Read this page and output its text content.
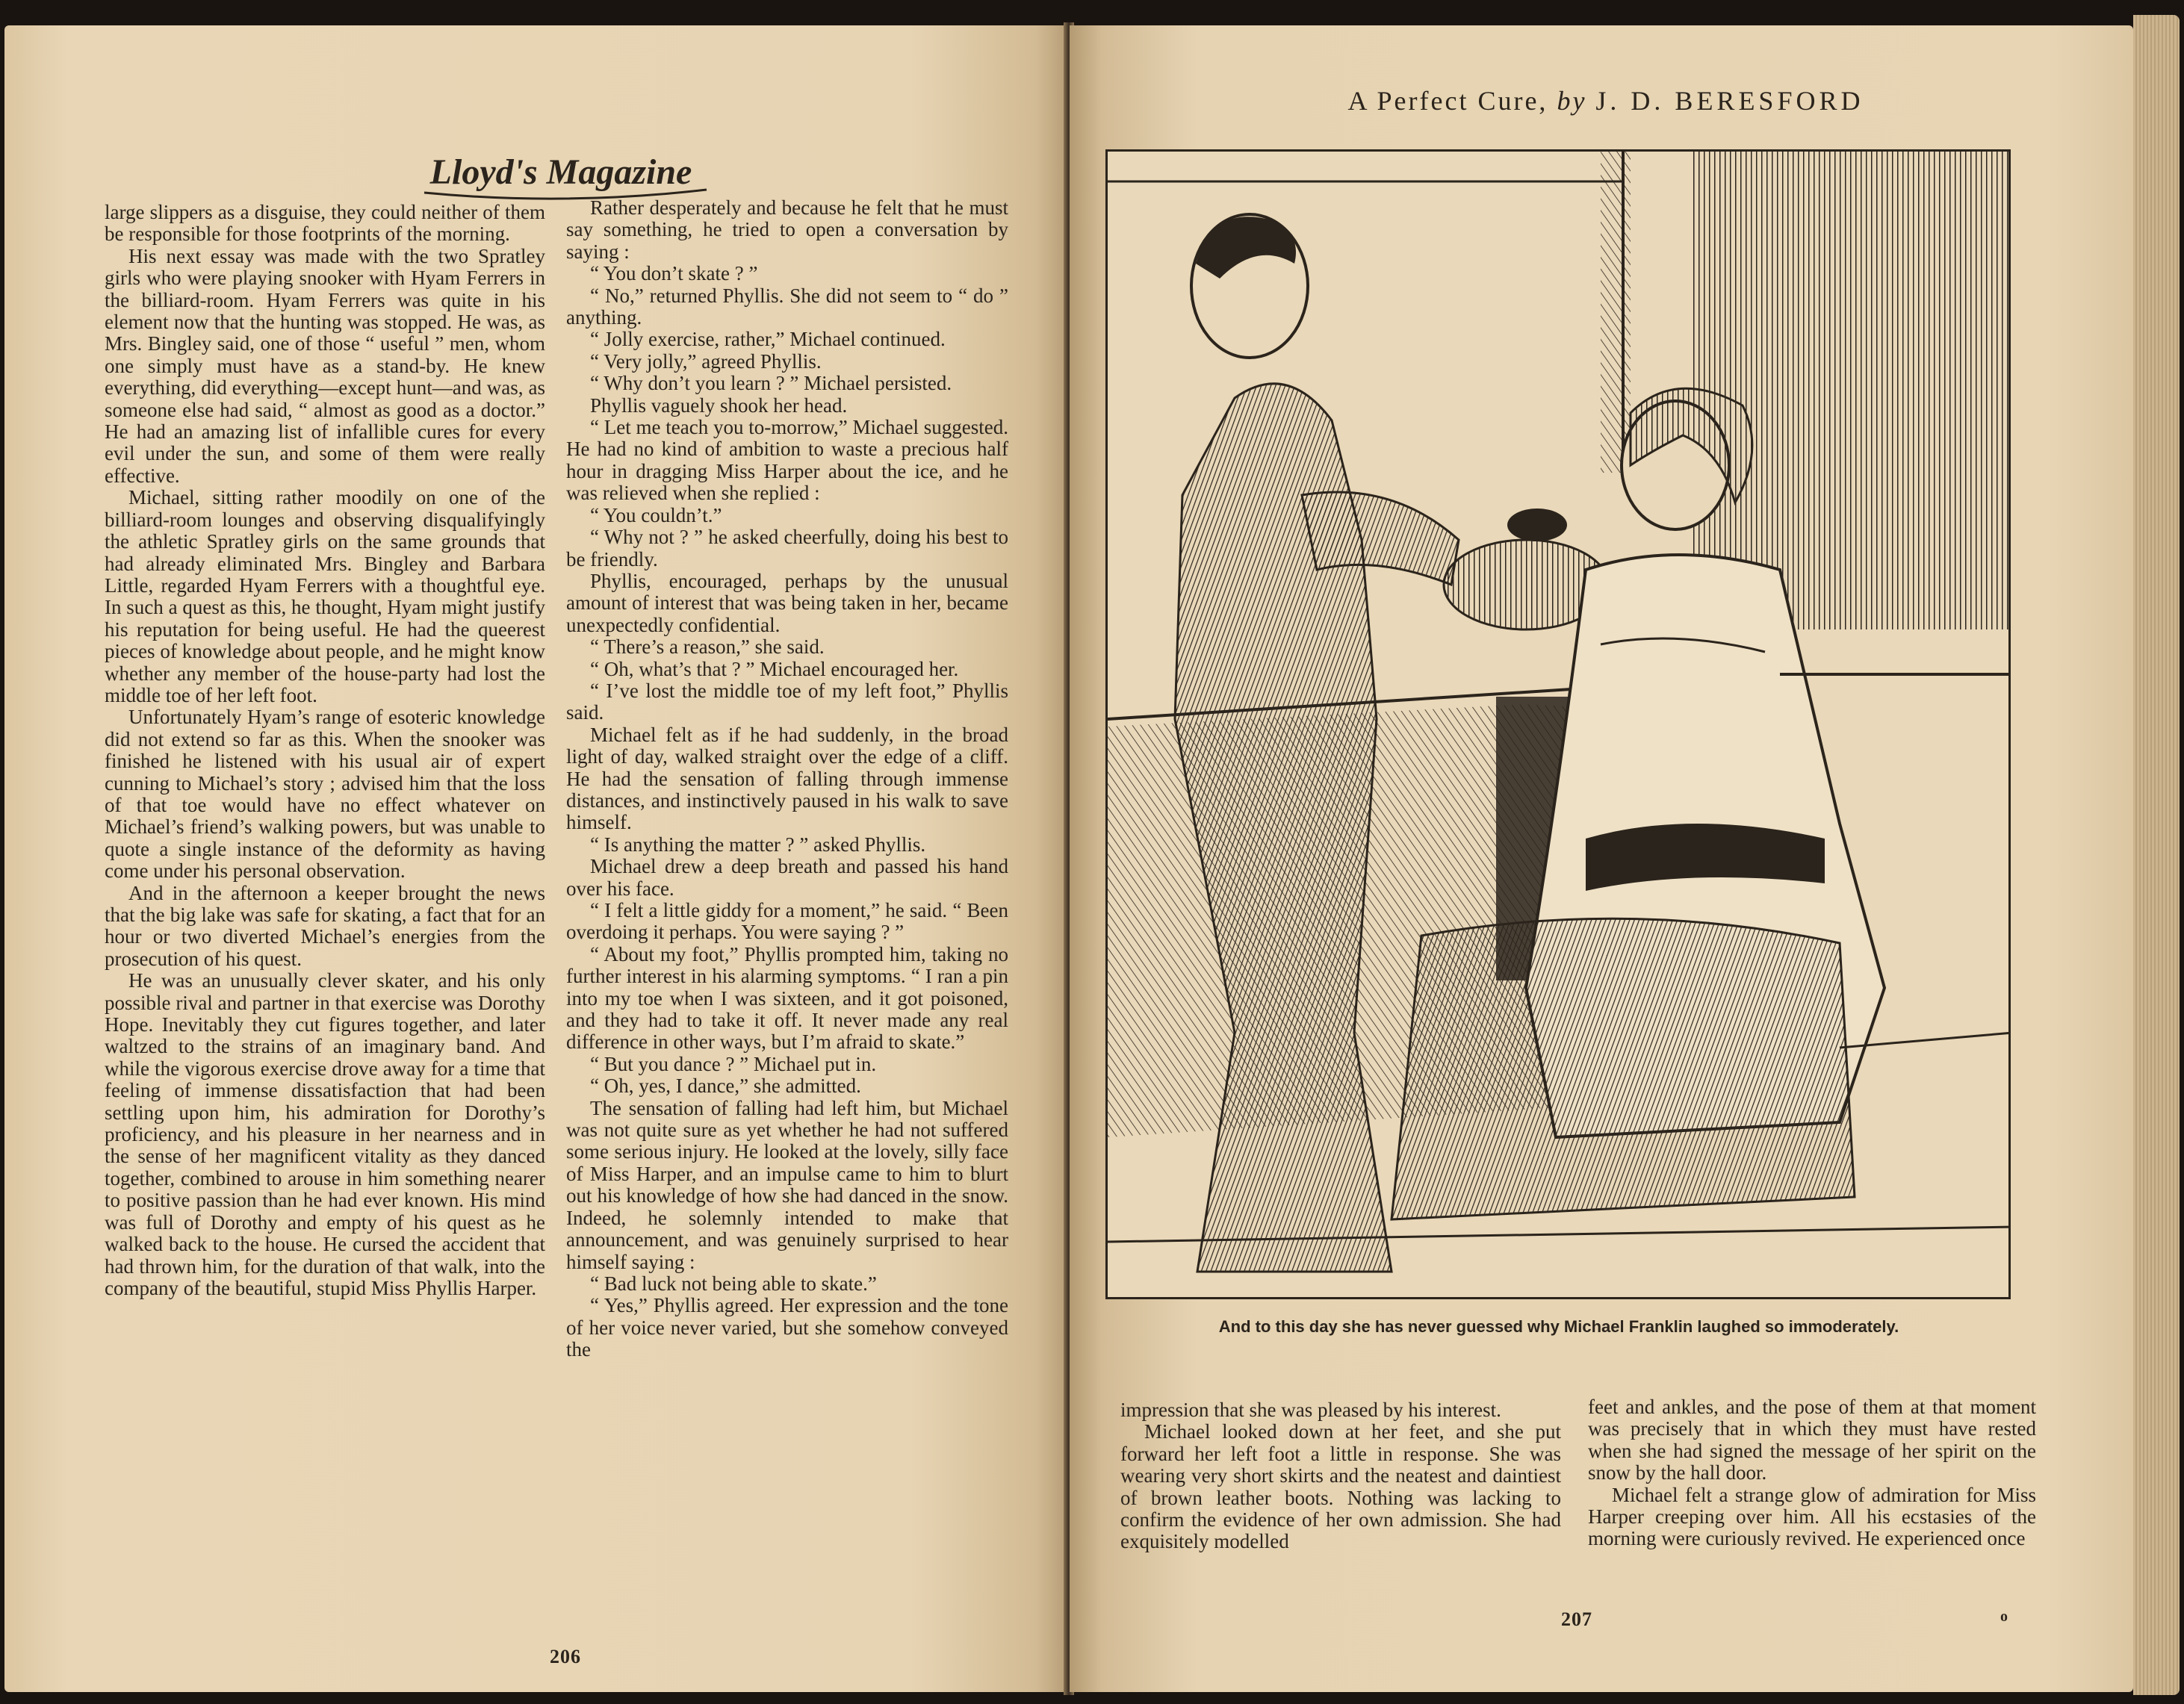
Lloyd's Magazine

large slippers as a disguise, they could neither of them be responsible for those footprints of the morning.

His next essay was made with the two Spratley girls who were playing snooker with Hyam Ferrers in the billiard-room. Hyam Ferrers was quite in his element now that the hunting was stopped. He was, as Mrs. Bingley said, one of those “ useful ” men, whom one simply must have as a stand-by. He knew everything, did everything—except hunt—and was, as someone else had said, “ almost as good as a doctor.” He had an amazing list of infallible cures for every evil under the sun, and some of them were really effective.

Michael, sitting rather moodily on one of the billiard-room lounges and observing disqualifyingly the athletic Spratley girls on the same grounds that had already eliminated Mrs. Bingley and Barbara Little, regarded Hyam Ferrers with a thoughtful eye. In such a quest as this, he thought, Hyam might justify his reputation for being useful. He had the queerest pieces of knowledge about people, and he might know whether any member of the house-party had lost the middle toe of her left foot.

Unfortunately Hyam’s range of esoteric knowledge did not extend so far as this. When the snooker was finished he listened with his usual air of expert cunning to Michael’s story ; advised him that the loss of that toe would have no effect whatever on Michael’s friend’s walking powers, but was unable to quote a single instance of the deformity as having come under his personal observation.

And in the afternoon a keeper brought the news that the big lake was safe for skating, a fact that for an hour or two diverted Michael’s energies from the prosecution of his quest.

He was an unusually clever skater, and his only possible rival and partner in that exercise was Dorothy Hope. Inevitably they cut figures together, and later waltzed to the strains of an imaginary band. And while the vigorous exercise drove away for a time that feeling of immense dissatisfaction that had been settling upon him, his admiration for Dorothy’s proficiency, and his pleasure in her nearness and in the sense of her magnificent vitality as they danced together, combined to arouse in him something nearer to positive passion than he had ever known. His mind was full of Dorothy and empty of his quest as he walked back to the house. He cursed the accident that had thrown him, for the duration of that walk, into the company of the beautiful, stupid Miss Phyllis Harper.

Rather desperately and because he felt that he must say something, he tried to open a conversation by saying :

“ You don’t skate ? ”

“ No,” returned Phyllis. She did not seem to “ do ” anything.

“ Jolly exercise, rather,” Michael continued.

“ Very jolly,” agreed Phyllis.

“ Why don’t you learn ? ” Michael persisted.

Phyllis vaguely shook her head.

“ Let me teach you to-morrow,” Michael suggested. He had no kind of ambition to waste a precious half hour in dragging Miss Harper about the ice, and he was relieved when she replied :

“ You couldn’t.”

“ Why not ? ” he asked cheerfully, doing his best to be friendly.

Phyllis, encouraged, perhaps by the unusual amount of interest that was being taken in her, became unexpectedly confidential.

“ There’s a reason,” she said.

“ Oh, what’s that ? ” Michael encouraged her.

“ I’ve lost the middle toe of my left foot,” Phyllis said.

Michael felt as if he had suddenly, in the broad light of day, walked straight over the edge of a cliff. He had the sensation of falling through immense distances, and instinctively paused in his walk to save himself.

“ Is anything the matter ? ” asked Phyllis.

Michael drew a deep breath and passed his hand over his face.

“ I felt a little giddy for a moment,” he said. “ Been overdoing it perhaps. You were saying ? ”

“ About my foot,” Phyllis prompted him, taking no further interest in his alarming symptoms. “ I ran a pin into my toe when I was sixteen, and it got poisoned, and they had to take it off. It never made any real difference in other ways, but I’m afraid to skate.”

“ But you dance ? ” Michael put in.

“ Oh, yes, I dance,” she admitted.

The sensation of falling had left him, but Michael was not quite sure as yet whether he had not suffered some serious injury. He looked at the lovely, silly face of Miss Harper, and an impulse came to him to blurt out his knowledge of how she had danced in the snow. Indeed, he solemnly intended to make that announcement, and was genuinely surprised to hear himself saying :

“ Bad luck not being able to skate.”

“ Yes,” Phyllis agreed. Her expression and the tone of her voice never varied, but she somehow conveyed the

206
A Perfect Cure, by J. D. BERESFORD
And to this day she has never guessed why Michael Franklin laughed so immoderately.

impression that she was pleased by his interest.

Michael looked down at her feet, and she put forward her left foot a little in response. She was wearing very short skirts and the neatest and daintiest of brown leather boots. Nothing was lacking to confirm the evidence of her own admission. She had exquisitely modelled

feet and ankles, and the pose of them at that moment was precisely that in which they must have rested when she had signed the message of her spirit on the snow by the hall door.

Michael felt a strange glow of admiration for Miss Harper creeping over him. All his ecstasies of the morning were curiously revived. He experienced once

207	o
